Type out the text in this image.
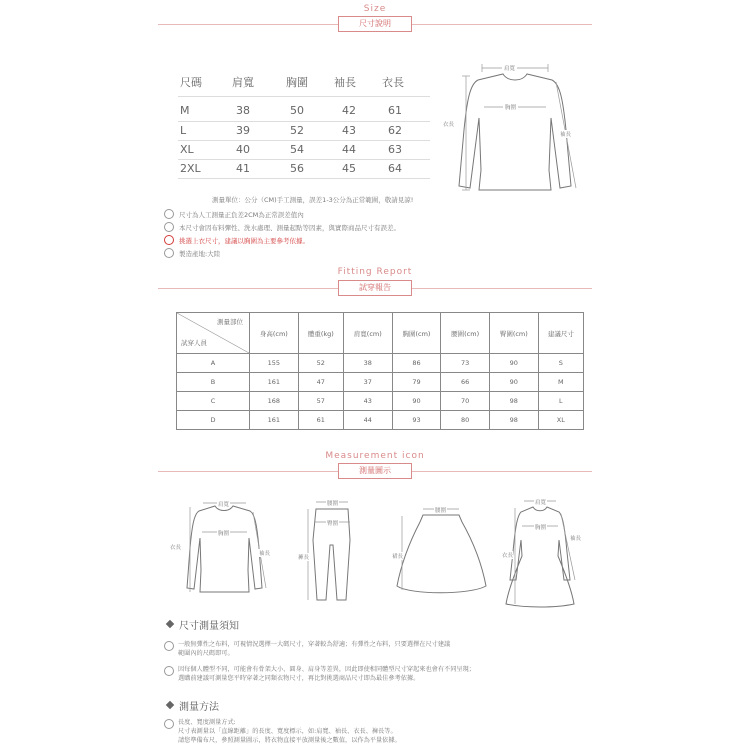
Size
尺寸說明
尺碼	肩寬	胸圍 袖長 衣長
M	38	50	42	61
L	39	52	43	62
XL	40	54	44	63
2XL	41	56	45	64
肩寬
胸圍
衣長
袖長
測量單位：公分（CM)手工測量，誤差1-3公分為正常範圍，敬請見諒!
尺寸為人工測量正負差2CM為正常誤差值內
本尺寸會因布料彈性、洗水處理、測量起點等因素，與實際商品尺寸有誤差。
挑選上衣尺寸，建議以胸圍為主要參考依據。
製造產地:大陸
Fitting Report
試穿報告
測量部位
試穿人員	身高(cm)	體重(kg)	肩寬(cm)	胸圍(cm)	腰圍(cm)	臀圍(cm)	建議尺寸
A	155	52	38	86	73	90	S
B	161	47	37	79	66	90	M
C	168	57	43	90	70	98	L
D	161	61	44	93	80	98	XL
Measurement icon
測量圖示
肩寬
胸圍
衣長
袖長
腰圍
臀圍
褲長
腰圍
裙長
肩寬
胸圍
衣長
袖長
尺寸測量須知
一般無彈性之布料，可視情況選擇一大碼尺寸，穿著較為舒適；有彈性之布料，只要選擇在尺寸建議
範圍內的尺碼即可。
因每個人體型不同，可能會有骨架大小、圓身、肩身等差異，因此即使相同體型尺寸穿起來也會有不同呈現；
選購前建議可測量您平時穿著之同類衣物尺寸，再比對挑選商品尺寸即為最佳參考依據。
測量方法
長度、寬度測量方式:
尺寸表測量以「直線距離」的長度、寬度標示，如:肩寬、袖長、衣長、褲長等。
請您準備布尺，參照測量圖示，將衣物直接平放測量後之數值，以作為平量依據。
